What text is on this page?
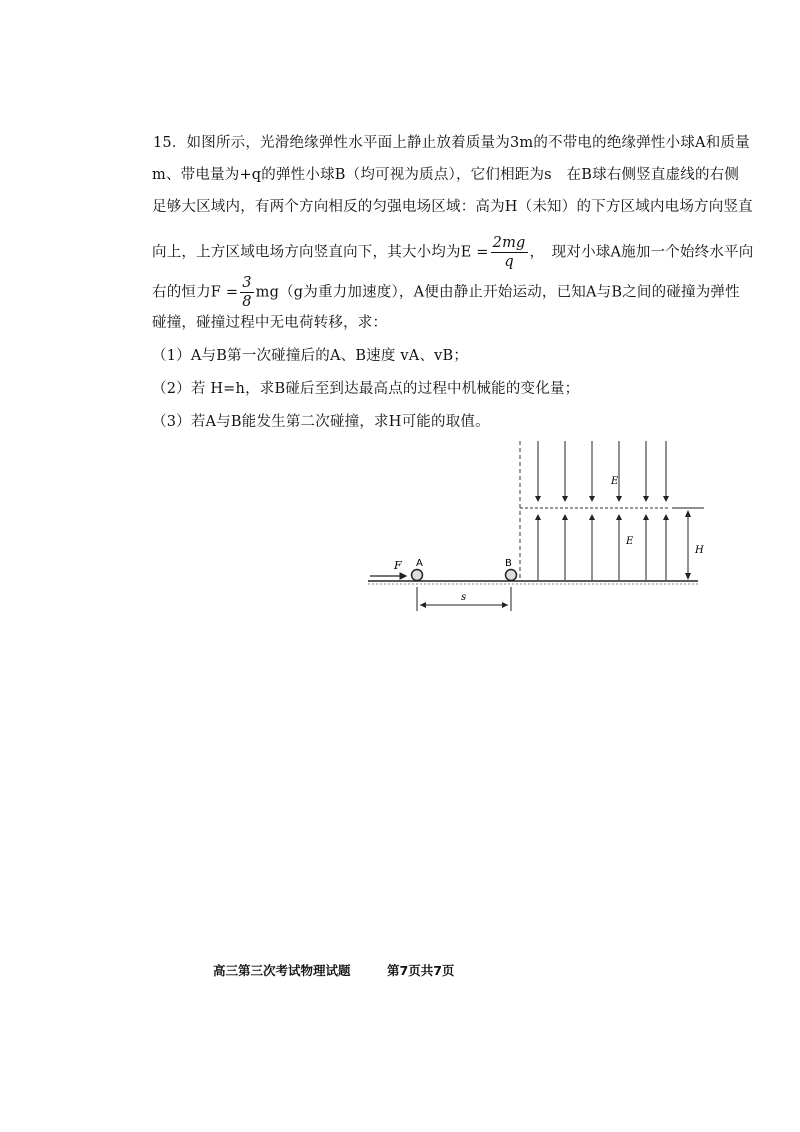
15．如图所示，光滑绝缘弹性水平面上静止放着质量为3m的不带电的绝缘弹性小球A和质量
m、带电量为+q的弹性小球B（均可视为质点），它们相距为s　在B球右侧竖直虚线的右侧
足够大区域内，有两个方向相反的匀强电场区域：高为H（未知）的下方区域内电场方向竖直
向上，上方区域电场方向竖直向下，其大小均为$E = \frac{2mg}{q}$ ，　现对小球A施加一个始终水平向
右的恒力$F = \frac{3}{8} mg(g$为重力加速度），A便由静止开始运动，已知A与B之间的碰撞为弹性
碰撞，碰撞过程中无电荷转移，求：
（1）A与B第一次碰撞后的A、B速度 vA、vB；
（2）若 H=h，求B碰后至到达最高点的过程中机械能的变化量；
（3）若A与B能发生第二次碰撞，求H可能的取值。
F A	B
s
E
E
H
高三第三次考试物理试题	第7页共7页
